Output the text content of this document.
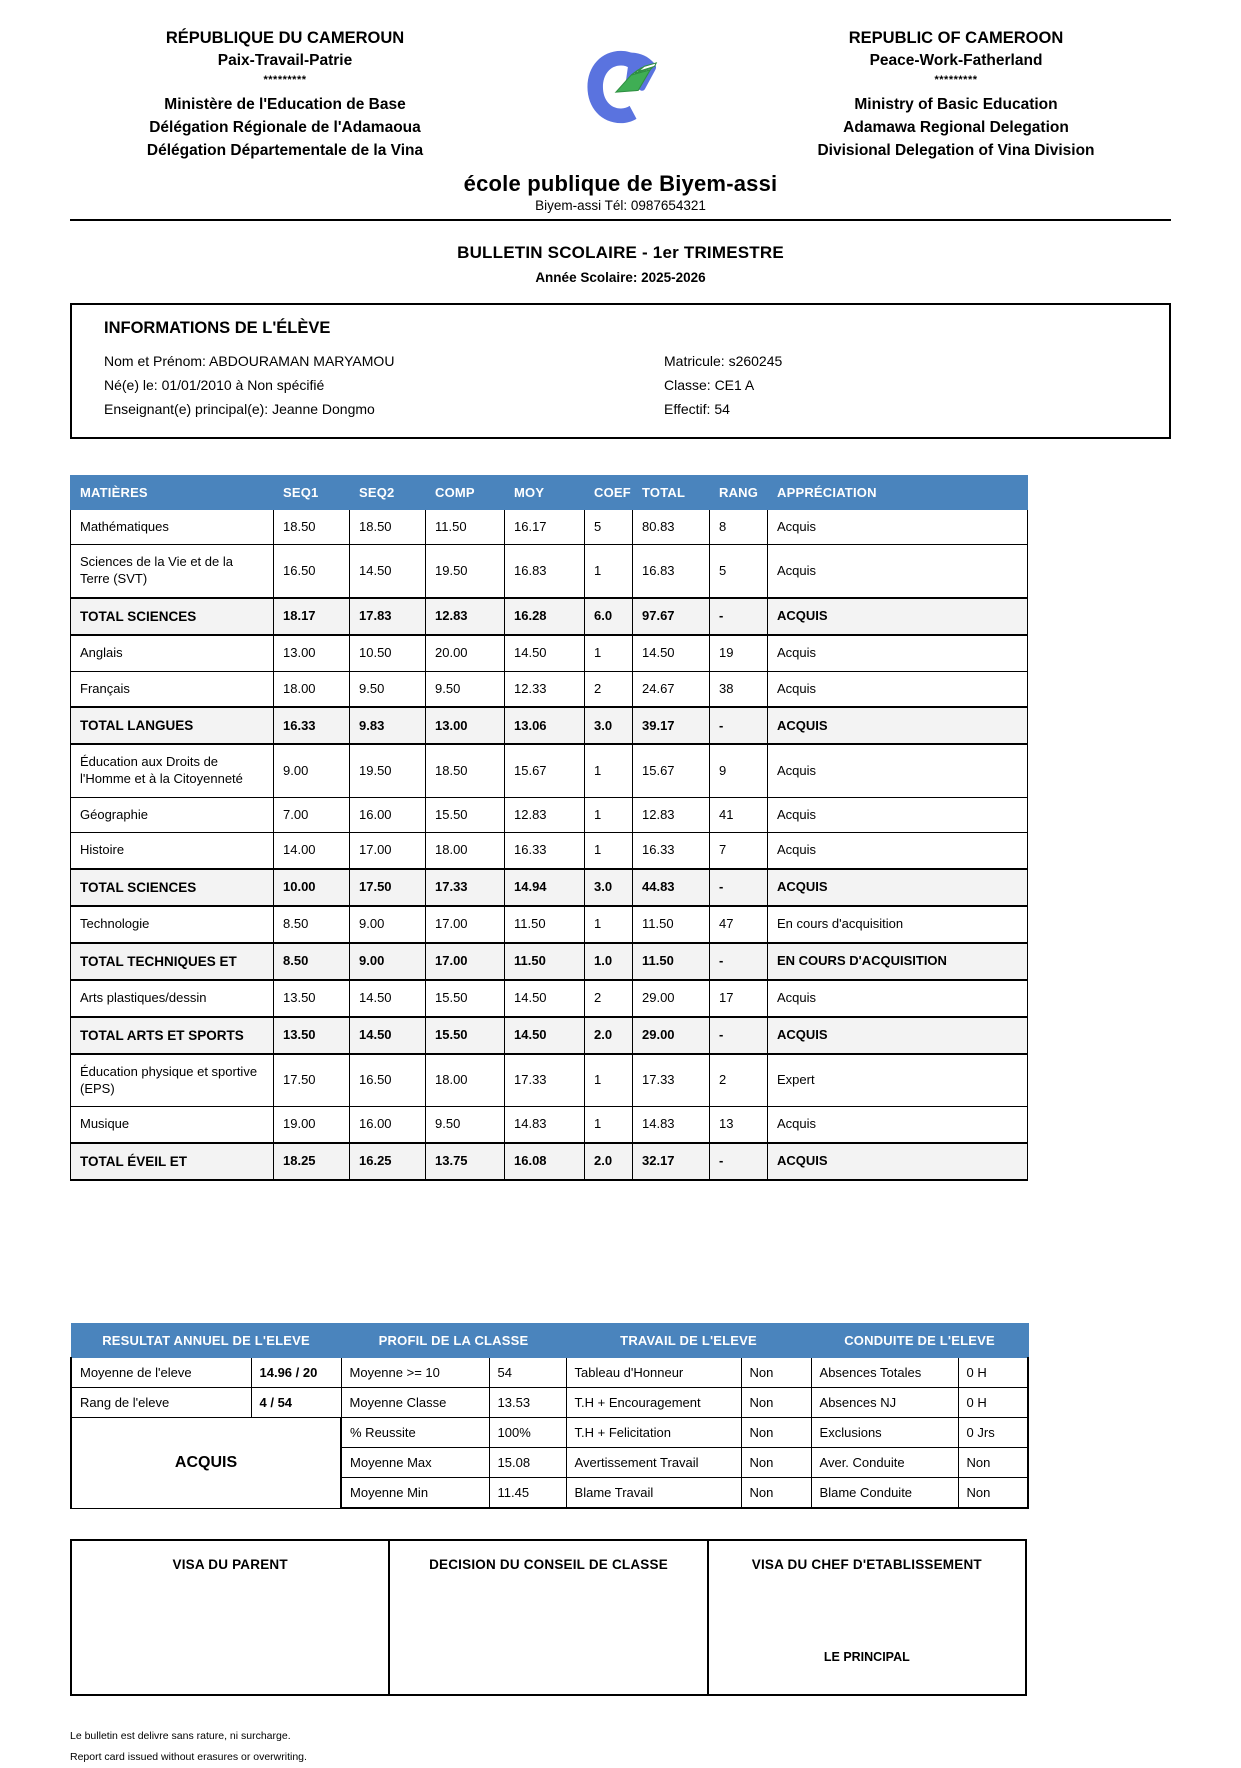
RÉPUBLIQUE DU CAMEROUN
Paix-Travail-Patrie
*********
Ministère de l'Education de Base
Délégation Régionale de l'Adamaoua
Délégation Départementale de la Vina
REPUBLIC OF CAMEROON
Peace-Work-Fatherland
*********
Ministry of Basic Education
Adamawa Regional Delegation
Divisional Delegation of Vina Division
école publique de Biyem-assi
Biyem-assi Tél: 0987654321
BULLETIN SCOLAIRE - 1er TRIMESTRE
Année Scolaire: 2025-2026
INFORMATIONS DE L'ÉLÈVE
Nom et Prénom: ABDOURAMAN MARYAMOU
Né(e) le: 01/01/2010 à Non spécifié
Enseignant(e) principal(e): Jeanne Dongmo
Matricule: s260245
Classe: CE1 A
Effectif: 54
MATIÈRES	SEQ1	SEQ2	COMP	MOY	COEF	TOTAL	RANG	APPRÉCIATION
Mathématiques	18.50	18.50	11.50	16.17	5	80.83	8	Acquis
Sciences de la Vie et de la Terre (SVT)	16.50	14.50	19.50	16.83	1	16.83	5	Acquis
TOTAL SCIENCES	18.17	17.83	12.83	16.28	6.0	97.67	-	ACQUIS
Anglais	13.00	10.50	20.00	14.50	1	14.50	19	Acquis
Français	18.00	9.50	9.50	12.33	2	24.67	38	Acquis
TOTAL LANGUES	16.33	9.83	13.00	13.06	3.0	39.17	-	ACQUIS
Éducation aux Droits de l'Homme et à la Citoyenneté	9.00	19.50	18.50	15.67	1	15.67	9	Acquis
Géographie	7.00	16.00	15.50	12.83	1	12.83	41	Acquis
Histoire	14.00	17.00	18.00	16.33	1	16.33	7	Acquis
TOTAL SCIENCES	10.00	17.50	17.33	14.94	3.0	44.83	-	ACQUIS
Technologie	8.50	9.00	17.00	11.50	1	11.50	47	En cours d'acquisition
TOTAL TECHNIQUES ET	8.50	9.00	17.00	11.50	1.0	11.50	-	EN COURS D'ACQUISITION
Arts plastiques/dessin	13.50	14.50	15.50	14.50	2	29.00	17	Acquis
TOTAL ARTS ET SPORTS	13.50	14.50	15.50	14.50	2.0	29.00	-	ACQUIS
Éducation physique et sportive (EPS)	17.50	16.50	18.00	17.33	1	17.33	2	Expert
Musique	19.00	16.00	9.50	14.83	1	14.83	13	Acquis
TOTAL ÉVEIL ET	18.25	16.25	13.75	16.08	2.0	32.17	-	ACQUIS
RESULTAT ANNUEL DE L'ELEVE		PROFIL DE LA CLASSE		TRAVAIL DE L'ELEVE		CONDUITE DE L'ELEVE	
Moyenne de l'eleve	14.96 / 20	Moyenne >= 10	54	Tableau d'Honneur	Non	Absences Totales	0 H
Rang de l'eleve	4 / 54	Moyenne Classe	13.53	T.H + Encouragement	Non	Absences NJ	0 H
ACQUIS		% Reussite	100%	T.H + Felicitation	Non	Exclusions	0 Jrs
		Moyenne Max	15.08	Avertissement Travail	Non	Aver. Conduite	Non
		Moyenne Min	11.45	Blame Travail	Non	Blame Conduite	Non
VISA DU PARENT	DECISION DU CONSEIL DE CLASSE	VISA DU CHEF D'ETABLISSEMENT
LE PRINCIPAL
Le bulletin est delivre sans rature, ni surcharge.
Report card issued without erasures or overwriting.
